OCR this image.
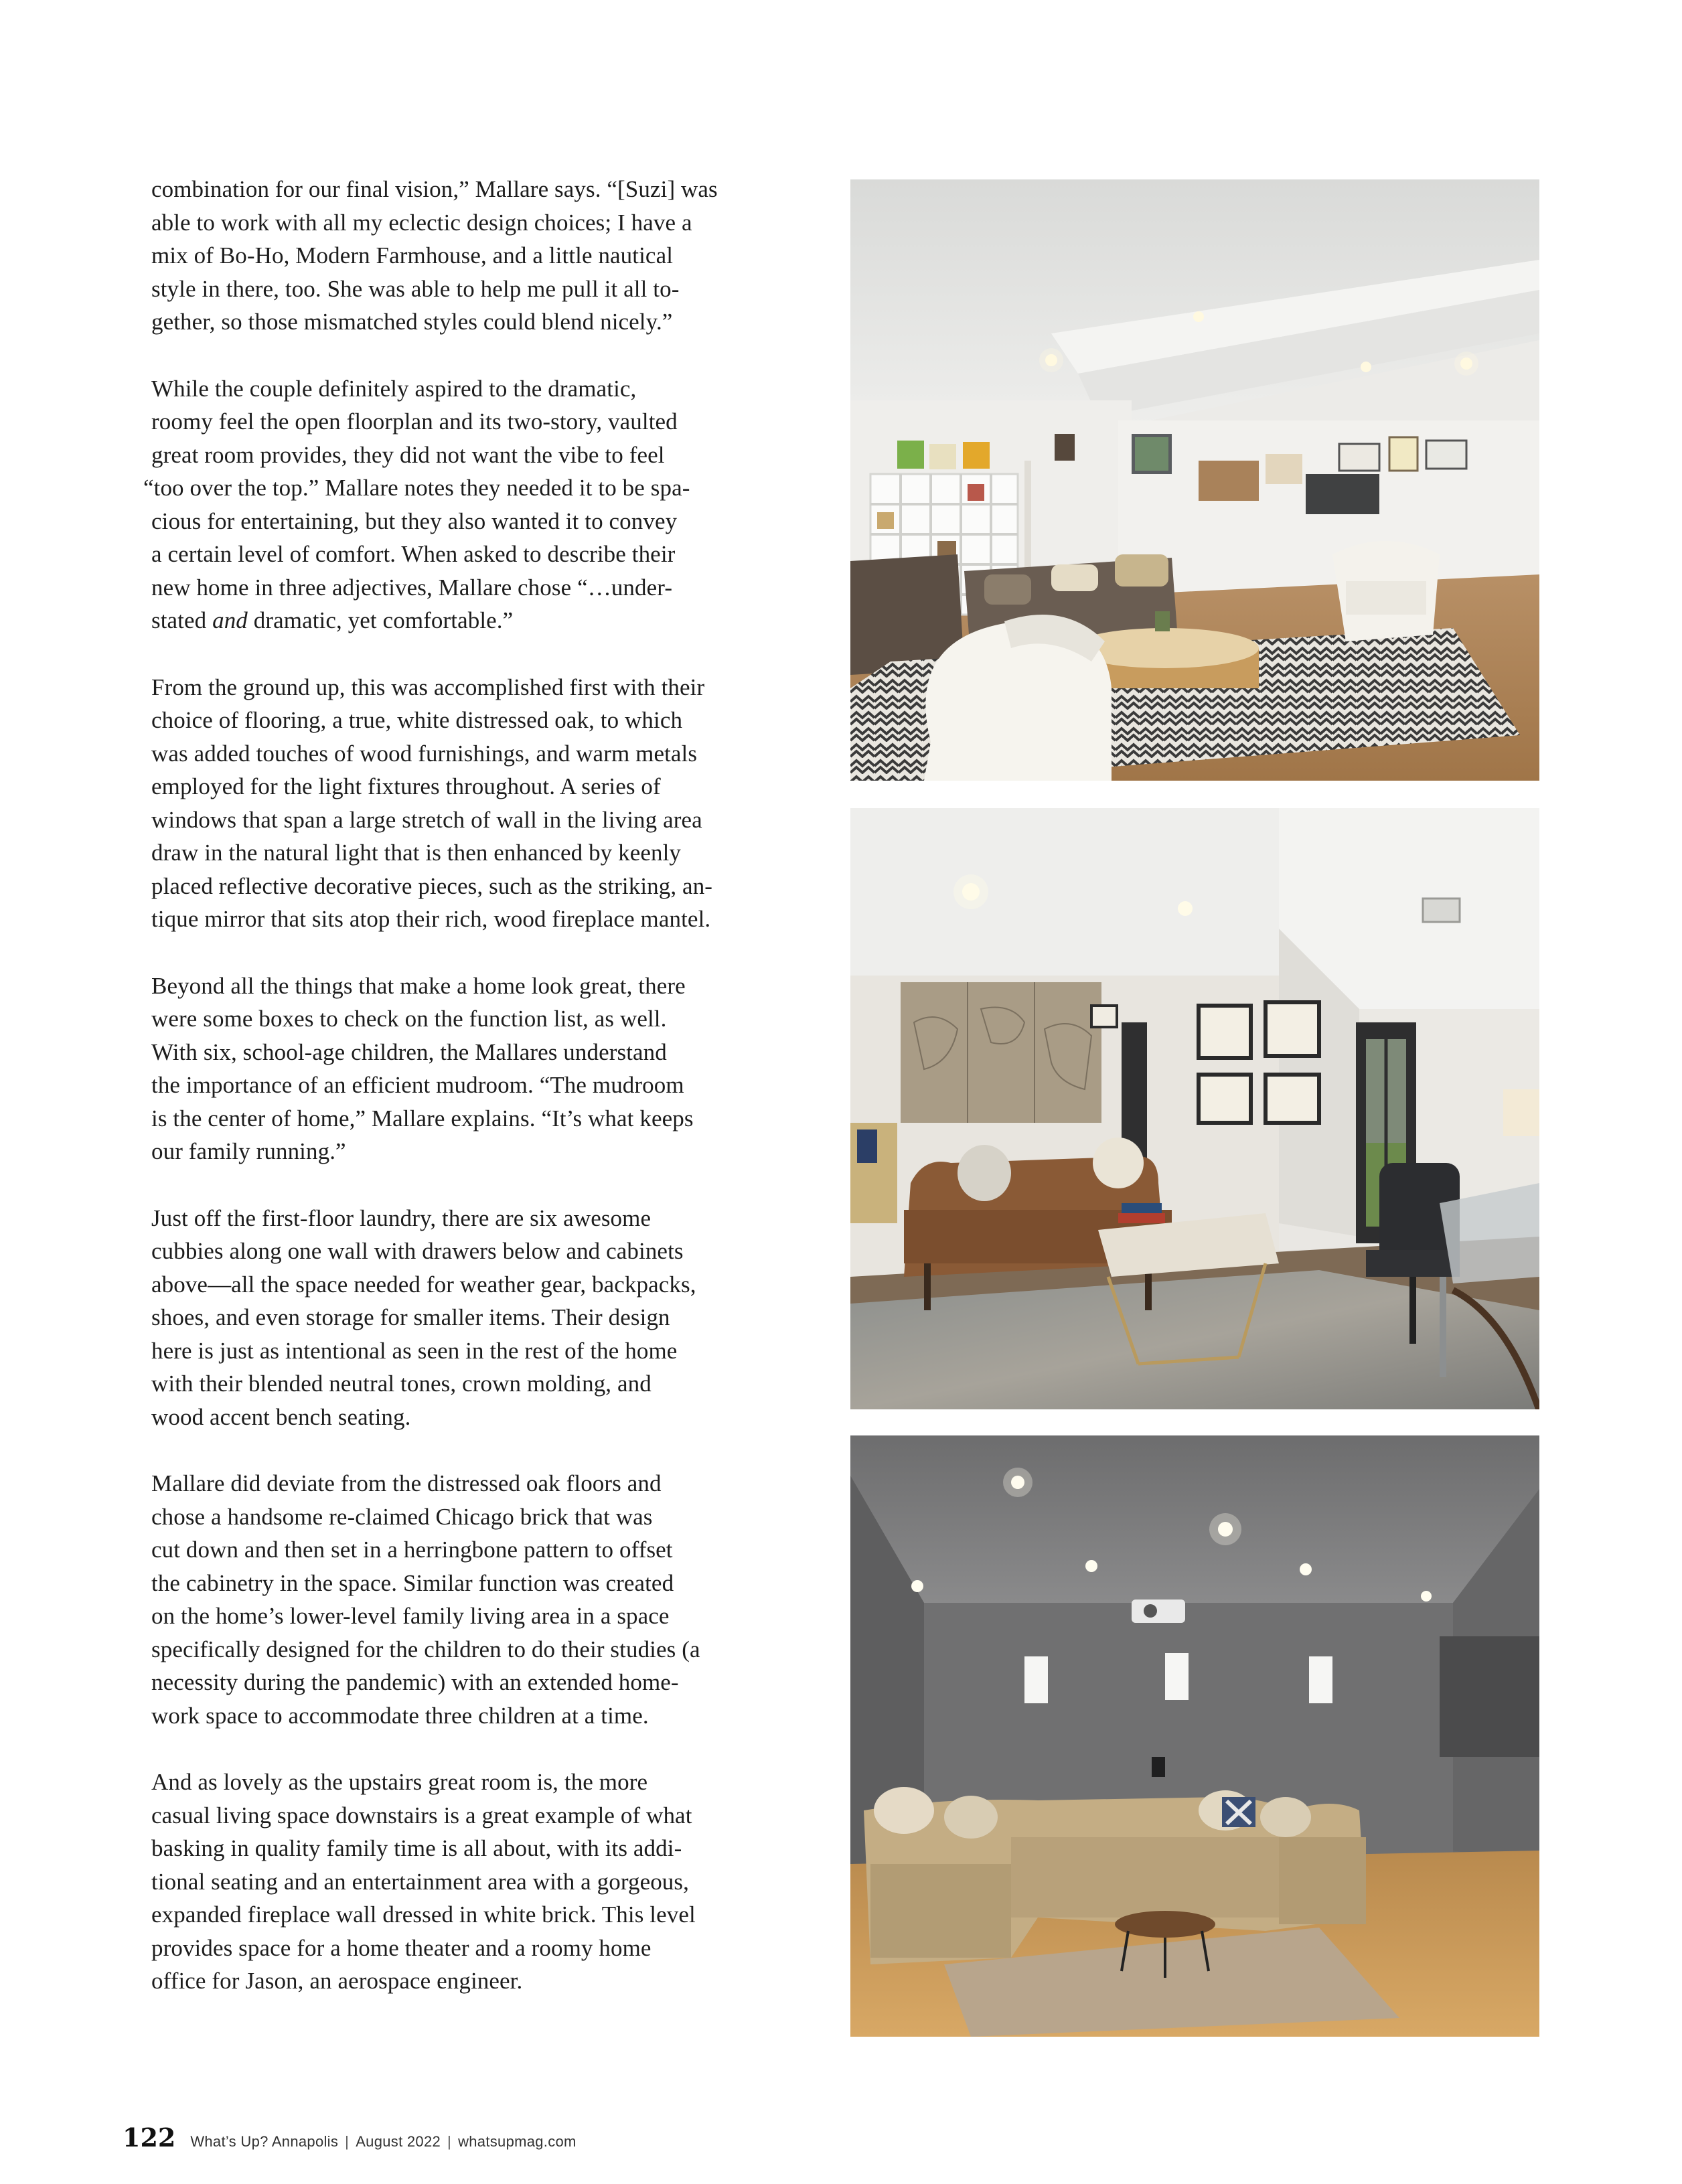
combination for our final vision,” Mallare says. “[Suzi] was
able to work with all my eclectic design choices; I have a
mix of Bo-Ho, Modern Farmhouse, and a little nautical
style in there, too. She was able to help me pull it all to-
gether, so those mismatched styles could blend nicely.”
While the couple definitely aspired to the dramatic,
roomy feel the open floorplan and its two-story, vaulted
great room provides, they did not want the vibe to feel
“too over the top.” Mallare notes they needed it to be spa-
cious for entertaining, but they also wanted it to convey
a certain level of comfort. When asked to describe their
new home in three adjectives, Mallare chose “…under-
stated and dramatic, yet comfortable.”
From the ground up, this was accomplished first with their
choice of flooring, a true, white distressed oak, to which
was added touches of wood furnishings, and warm metals
employed for the light fixtures throughout. A series of
windows that span a large stretch of wall in the living area
draw in the natural light that is then enhanced by keenly
placed reflective decorative pieces, such as the striking, an-
tique mirror that sits atop their rich, wood fireplace mantel.
Beyond all the things that make a home look great, there
were some boxes to check on the function list, as well.
With six, school-age children, the Mallares understand
the importance of an efficient mudroom. “The mudroom
is the center of home,” Mallare explains. “It’s what keeps
our family running.”
Just off the first-floor laundry, there are six awesome
cubbies along one wall with drawers below and cabinets
above—all the space needed for weather gear, backpacks,
shoes, and even storage for smaller items. Their design
here is just as intentional as seen in the rest of the home
with their blended neutral tones, crown molding, and
wood accent bench seating.
Mallare did deviate from the distressed oak floors and
chose a handsome re-claimed Chicago brick that was
cut down and then set in a herringbone pattern to offset
the cabinetry in the space. Similar function was created
on the home’s lower-level family living area in a space
specifically designed for the children to do their studies (a
necessity during the pandemic) with an extended home-
work space to accommodate three children at a time.
And as lovely as the upstairs great room is, the more
casual living space downstairs is a great example of what
basking in quality family time is all about, with its addi-
tional seating and an entertainment area with a gorgeous,
expanded fireplace wall dressed in white brick. This level
provides space for a home theater and a roomy home
office for Jason, an aerospace engineer.
122 What’s Up? Annapolis | August 2022 | whatsupmag.com
